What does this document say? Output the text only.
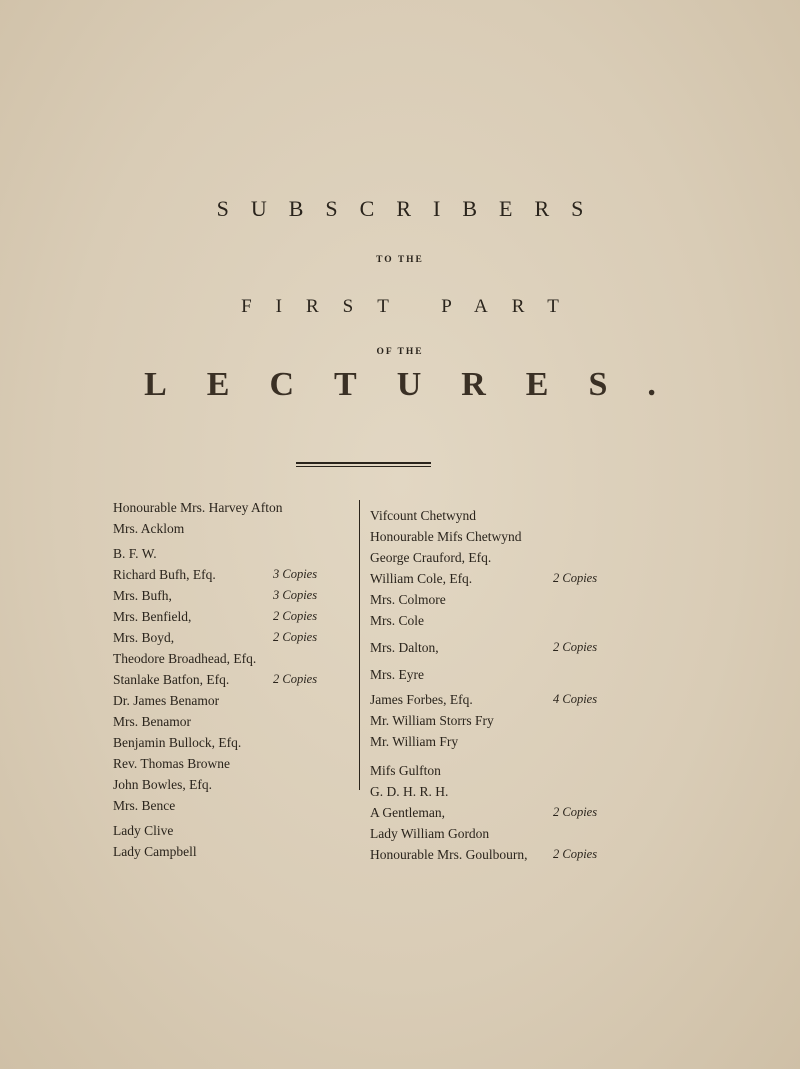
SUBSCRIBERS
TO THE
FIRST PART
OF THE
LECTURES.
Honourable Mrs. Harvey Afton
Mrs. Acklom
B. F. W.
Richard Bufh, Efq.	3 Copies
Mrs. Bufh,	3 Copies
Mrs. Benfield,	2 Copies
Mrs. Boyd,	2 Copies
Theodore Broadhead, Efq.
Stanlake Batfon, Efq.	2 Copies
Dr. James Benamor
Mrs. Benamor
Benjamin Bullock, Efq.
Rev. Thomas Browne
John Bowles, Efq.
Mrs. Bence
Lady Clive
Lady Campbell
Vifcount Chetwynd
Honourable Mifs Chetwynd
George Crauford, Efq.
William Cole, Efq.	2 Copies
Mrs. Colmore
Mrs. Cole
Mrs. Dalton,	2 Copies
Mrs. Eyre
James Forbes, Efq.	4 Copies
Mr. William Storrs Fry
Mr. William Fry
Mifs Gulfton
G. D. H. R. H.
A Gentleman,	2 Copies
Lady William Gordon
Honourable Mrs. Goulbourn, 2 Copies
